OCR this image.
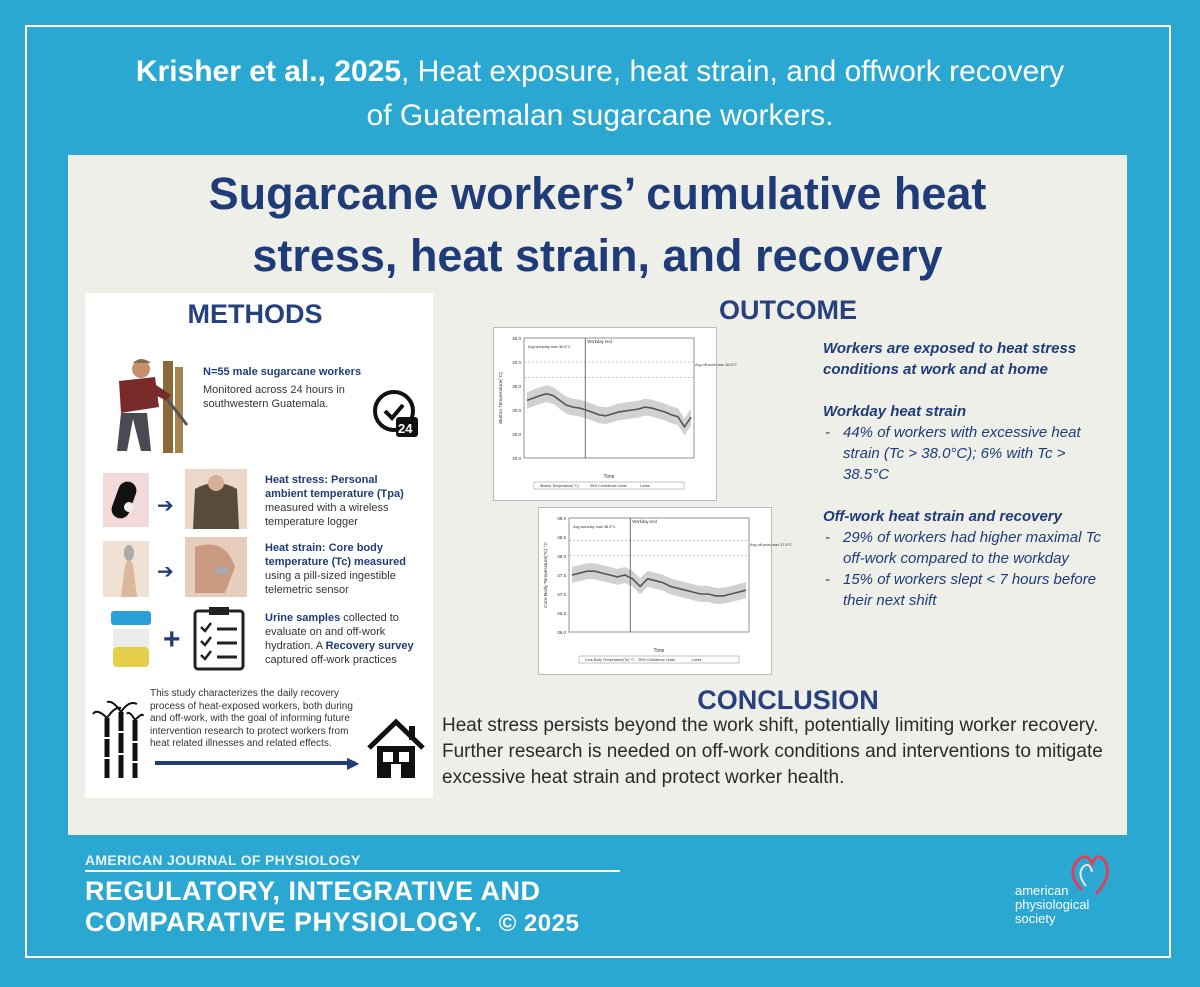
Krisher et al., 2025, Heat exposure, heat strain, and offwork recovery
of Guatemalan sugarcane workers.
Sugarcane workers’ cumulative heat
stress, heat strain, and recovery
METHODS
N=55 male sugarcane workers
Monitored across 24 hours in southwestern Guatemala.
24
➔
Heat stress: Personal ambient temperature (Tpa) measured with a wireless temperature logger
➔
Heat strain: Core body temperature (Tc) measured using a pill-sized ingestible telemetric sensor
+
Urine samples collected to evaluate on and off-work hydration. A Recovery survey captured off-work practices
This study characterizes the daily recovery process of heat-exposed workers, both during and off-work, with the goal of informing future intervention research to protect workers from heat related illnesses and related effects.
▶
OUTCOME
45.0
40.0
35.0
30.0
25.0
20.0
Avg workday max 36.6°C
Workday end
Avg off-work max 36.5°C
iButton Temperature(°C)
Time
iButton Temperature(°C)	95% Confidence Limits	Loess
39.0
38.5
38.0
37.5
37.0
36.5
36.0
Avg workday max 38.3°C
Workday end
Avg off-work max 37.8°C
Core Body Temperature(Tc) °C
Time
Core Body Temperature(Tc) °C 95% Confidence Limits	Loess
Workers are exposed to heat stress conditions at work and at home
Workday heat strain
- 44% of workers with excessive heat strain (Tc > 38.0°C); 6% with Tc > 38.5°C
Off-work heat strain and recovery
- 29% of workers had higher maximal Tc off-work compared to the workday
- 15% of workers slept < 7 hours before their next shift
CONCLUSION
Heat stress persists beyond the work shift, potentially limiting worker recovery. Further research is needed on off-work conditions and interventions to mitigate excessive heat strain and protect worker health.
AMERICAN JOURNAL OF PHYSIOLOGY
REGULATORY, INTEGRATIVE AND
COMPARATIVE PHYSIOLOGY. © 2025
american
physiological
society
